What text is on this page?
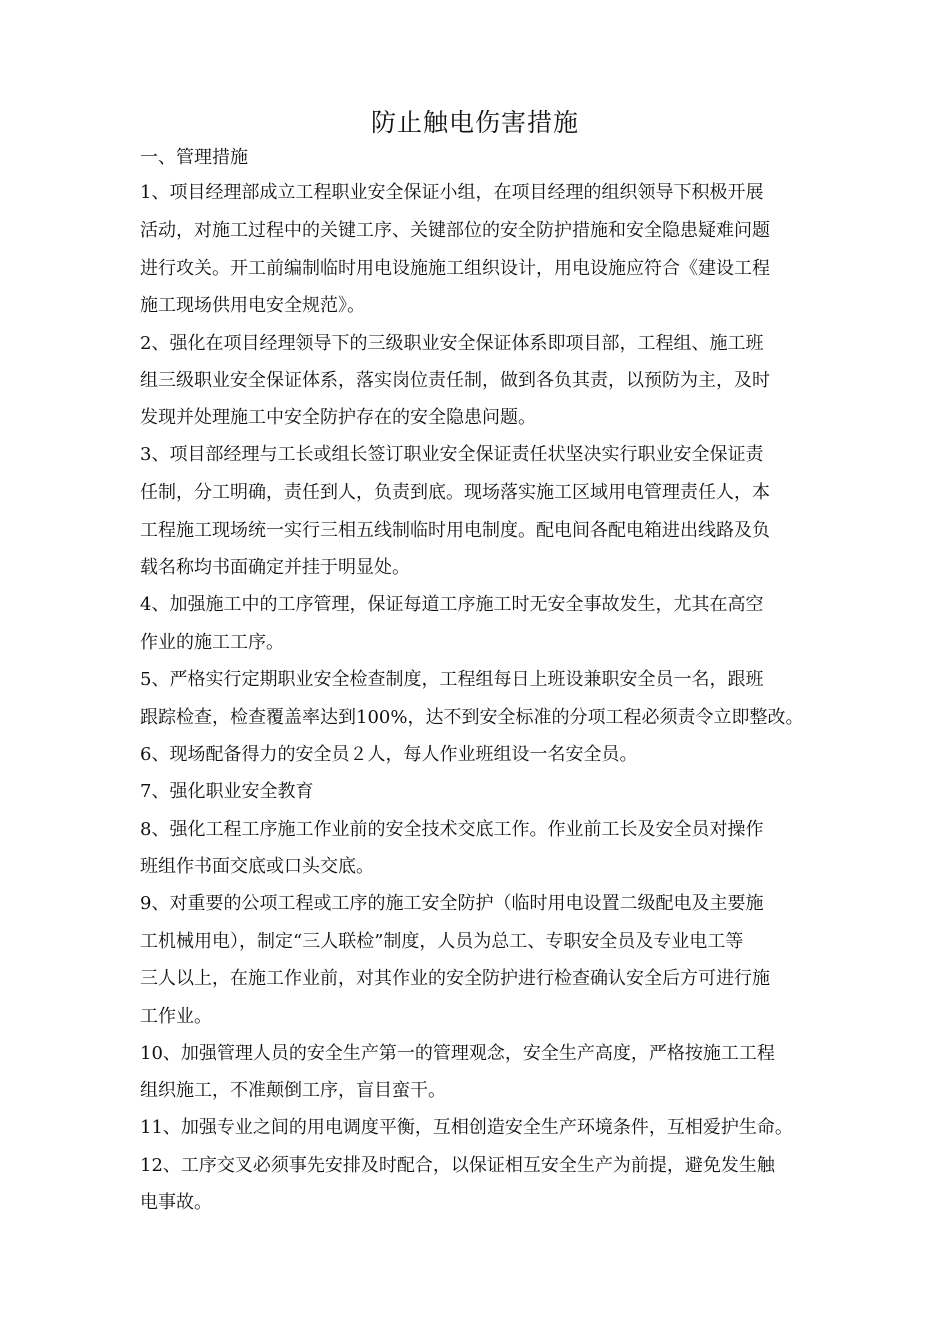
防止触电伤害措施
一、管理措施
1、项目经理部成立工程职业安全保证小组，在项目经理的组织领导下积极开展
活动，对施工过程中的关键工序、关键部位的安全防护措施和安全隐患疑难问题
进行攻关。开工前编制临时用电设施施工组织设计，用电设施应符合《建设工程
施工现场供用电安全规范》。
2、强化在项目经理领导下的三级职业安全保证体系即项目部，工程组、施工班
组三级职业安全保证体系，落实岗位责任制，做到各负其责，以预防为主，及时
发现并处理施工中安全防护存在的安全隐患问题。
3、项目部经理与工长或组长签订职业安全保证责任状坚决实行职业安全保证责
任制，分工明确，责任到人，负责到底。现场落实施工区域用电管理责任人，本
工程施工现场统一实行三相五线制临时用电制度。配电间各配电箱进出线路及负
载名称均书面确定并挂于明显处。
4、加强施工中的工序管理，保证每道工序施工时无安全事故发生，尤其在高空
作业的施工工序。
5、严格实行定期职业安全检查制度，工程组每日上班设兼职安全员一名，跟班
跟踪检查，检查覆盖率达到100%，达不到安全标准的分项工程必须责令立即整改。
6、现场配备得力的安全员２人，每人作业班组设一名安全员。
7、强化职业安全教育
8、强化工程工序施工作业前的安全技术交底工作。作业前工长及安全员对操作
班组作书面交底或口头交底。
9、对重要的公项工程或工序的施工安全防护（临时用电设置二级配电及主要施
工机械用电），制定“三人联检”制度，人员为总工、专职安全员及专业电工等
三人以上，在施工作业前，对其作业的安全防护进行检查确认安全后方可进行施
工作业。
10、加强管理人员的安全生产第一的管理观念，安全生产高度，严格按施工工程
组织施工，不准颠倒工序，盲目蛮干。
11、加强专业之间的用电调度平衡，互相创造安全生产环境条件，互相爱护生命。
12、工序交叉必须事先安排及时配合，以保证相互安全生产为前提，避免发生触
电事故。
